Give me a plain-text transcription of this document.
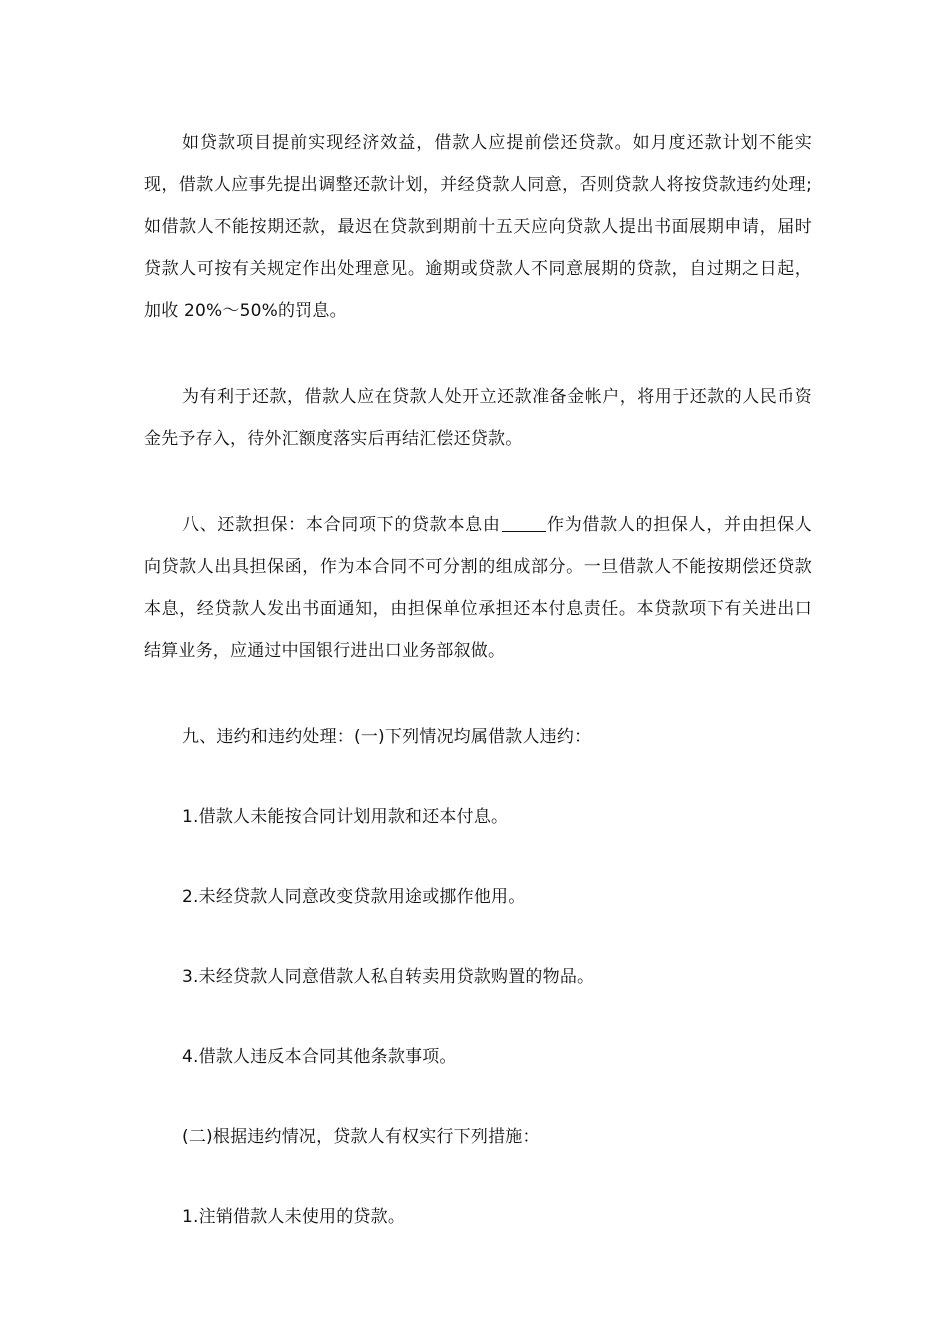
如贷款项目提前实现经济效益，借款人应提前偿还贷款。如月度还款计划不能实现，借款人应事先提出调整还款计划，并经贷款人同意，否则贷款人将按贷款违约处理;如借款人不能按期还款，最迟在贷款到期前十五天应向贷款人提出书面展期申请，届时贷款人可按有关规定作出处理意见。逾期或贷款人不同意展期的贷款，自过期之日起，加收 20%～50%的罚息。

为有利于还款，借款人应在贷款人处开立还款准备金帐户，将用于还款的人民币资金先予存入，待外汇额度落实后再结汇偿还贷款。

八、还款担保：本合同项下的贷款本息由	作为借款人的担保人，并由担保人向贷款人出具担保函，作为本合同不可分割的组成部分。一旦借款人不能按期偿还贷款本息，经贷款人发出书面通知，由担保单位承担还本付息责任。本贷款项下有关进出口结算业务，应通过中国银行进出口业务部叙做。

九、违约和违约处理：(一)下列情况均属借款人违约：

1.借款人未能按合同计划用款和还本付息。

2.未经贷款人同意改变贷款用途或挪作他用。

3.未经贷款人同意借款人私自转卖用贷款购置的物品。

4.借款人违反本合同其他条款事项。

(二)根据违约情况，贷款人有权实行下列措施：

1.注销借款人未使用的贷款。
